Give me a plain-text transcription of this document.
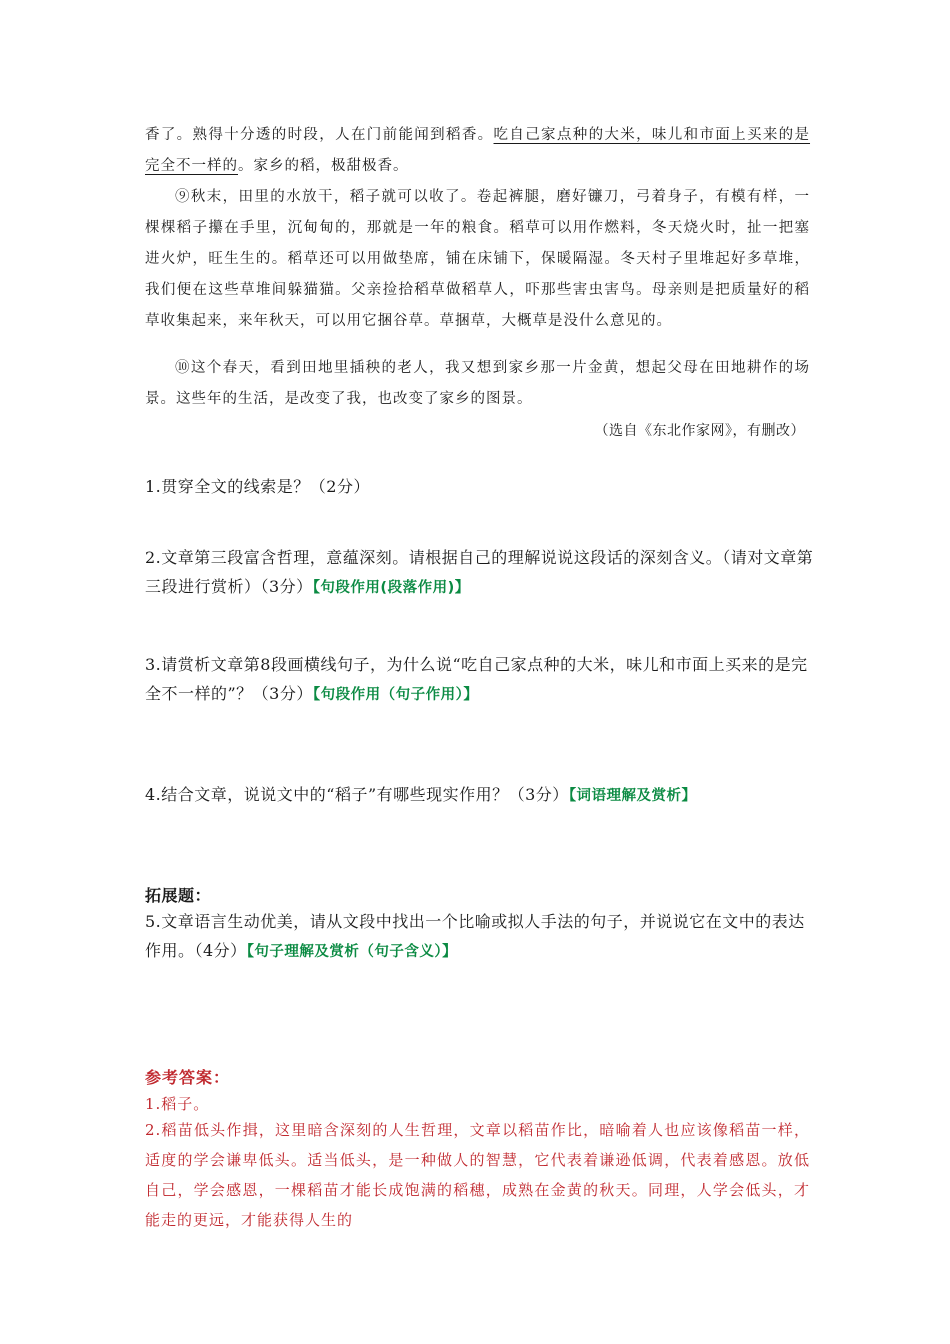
香了。熟得十分透的时段，人在门前能闻到稻香。吃自己家点种的大米，味儿和市面上买来的是完全不一样的。家乡的稻，极甜极香。

⑨秋末，田里的水放干，稻子就可以收了。卷起裤腿，磨好镰刀，弓着身子，有模有样，一棵棵稻子攥在手里，沉甸甸的，那就是一年的粮食。稻草可以用作燃料，冬天烧火时，扯一把塞进火炉，旺生生的。稻草还可以用做垫席，铺在床铺下，保暖隔湿。冬天村子里堆起好多草堆，我们便在这些草堆间躲猫猫。父亲捡拾稻草做稻草人，吓那些害虫害鸟。母亲则是把质量好的稻草收集起来，来年秋天，可以用它捆谷草。草捆草，大概草是没什么意见的。

⑩这个春天，看到田地里插秧的老人，我又想到家乡那一片金黄，想起父母在田地耕作的场景。这些年的生活，是改变了我，也改变了家乡的图景。

（选自《东北作家网》，有删改）
1.贯穿全文的线索是？（2分）
2.文章第三段富含哲理，意蕴深刻。请根据自己的理解说说这段话的深刻含义。（请对文章第三段进行赏析）（3分）【句段作用(段落作用)】
3.请赏析文章第8段画横线句子，为什么说“吃自己家点种的大米，味儿和市面上买来的是完全不一样的”？（3分）【句段作用（句子作用）】
4.结合文章，说说文中的“稻子”有哪些现实作用？（3分）【词语理解及赏析】
拓展题：
5.文章语言生动优美，请从文段中找出一个比喻或拟人手法的句子，并说说它在文中的表达作用。（4分）【句子理解及赏析（句子含义）】
参考答案：
1.稻子。
2.稻苗低头作揖，这里暗含深刻的人生哲理，文章以稻苗作比，暗喻着人也应该像稻苗一样，适度的学会谦卑低头。适当低头，是一种做人的智慧，它代表着谦逊低调，代表着感恩。放低自己，学会感恩，一棵稻苗才能长成饱满的稻穗，成熟在金黄的秋天。同理，人学会低头，才能走的更远，才能获得人生的
